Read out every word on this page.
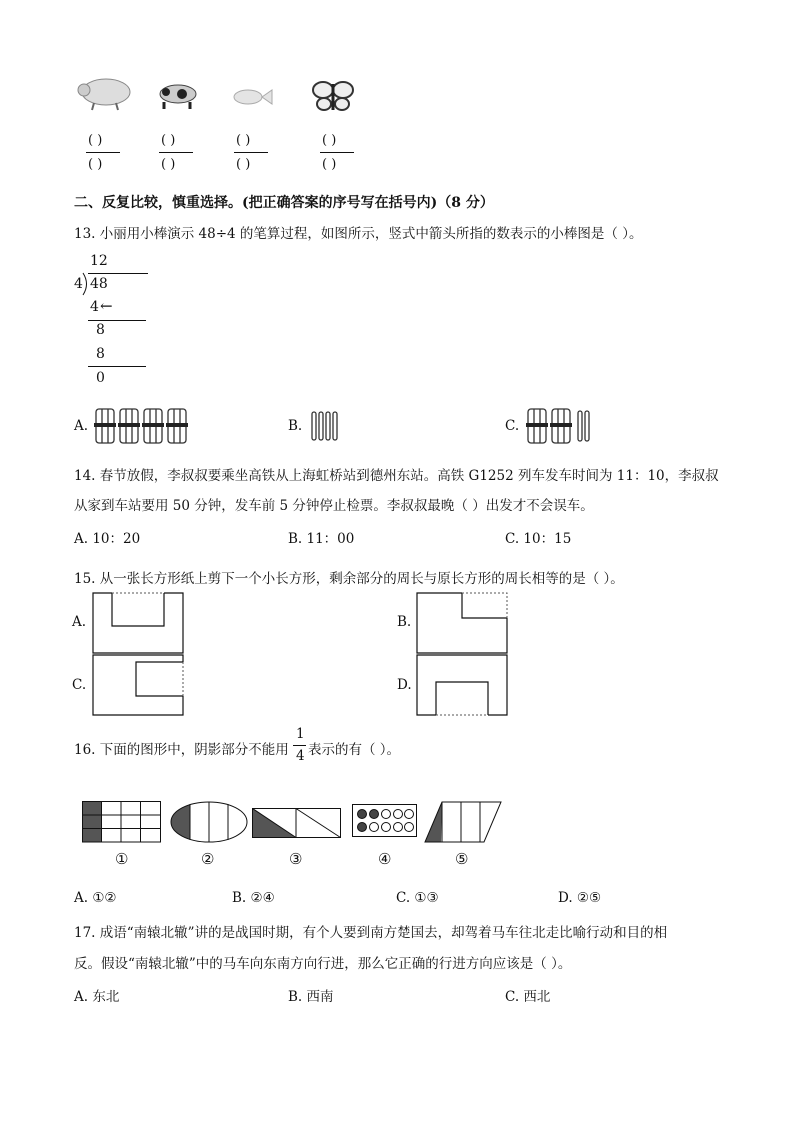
( )
( )
( )
( )
( )
( )
( )
( )
二、反复比较，慎重选择。(把正确答案的序号写在括号内)（8 分）
13. 小丽用小棒演示 48÷4 的笔算过程，如图所示，竖式中箭头所指的数表示的小棒图是（ ）。
12
4 48
4 ←
8
8
0
A.	B.	C.
14. 春节放假，李叔叔要乘坐高铁从上海虹桥站到德州东站。高铁 G1252 列车发车时间为 11：10，李叔叔
从家到车站要用 50 分钟，发车前 5 分钟停止检票。李叔叔最晚（ ）出发才不会误车。
A. 10：20	B. 11：00	C. 10：15
15. 从一张长方形纸上剪下一个小长方形，剩余部分的周长与原长方形的周长相等的是（ ）。
A.	B.
C.	D.
16. 下面的图形中，阴影部分不能用
1
4 表示的有（ ）。
①	②	③	④	⑤
A. ①②	B. ②④	C. ①③	D. ②⑤
17. 成语“南辕北辙”讲的是战国时期，有个人要到南方楚国去，却驾着马车往北走比喻行动和目的相
反。假设“南辕北辙”中的马车向东南方向行进，那么它正确的行进方向应该是（ ）。
A. 东北	B. 西南	C. 西北
